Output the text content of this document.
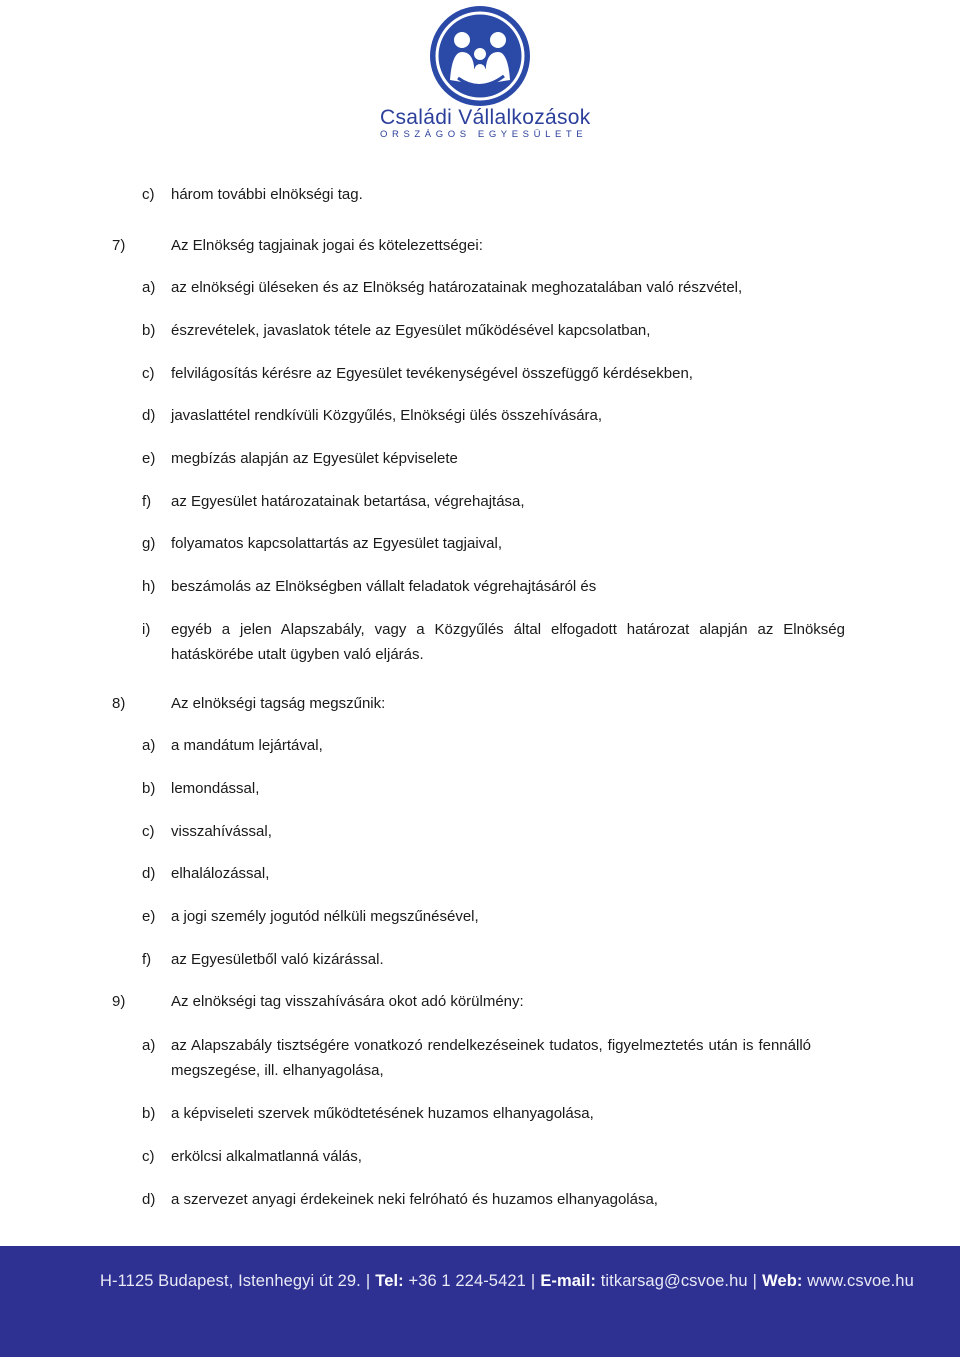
Családi Vállalkozások
ORSZÁGOS EGYESÜLETE
c) három további elnökségi tag.
7)	Az Elnökség tagjainak jogai és kötelezettségei:
a) az elnökségi üléseken és az Elnökség határozatainak meghozatalában való részvétel,
b) észrevételek, javaslatok tétele az Egyesület működésével kapcsolatban,
c) felvilágosítás kérésre az Egyesület tevékenységével összefüggő kérdésekben,
d) javaslattétel rendkívüli Közgyűlés, Elnökségi ülés összehívására,
e) megbízás alapján az Egyesület képviselete
f) az Egyesület határozatainak betartása, végrehajtása,
g) folyamatos kapcsolattartás az Egyesület tagjaival,
h) beszámolás az Elnökségben vállalt feladatok végrehajtásáról és
i) egyéb a jelen Alapszabály, vagy a Közgyűlés által elfogadott határozat alapján az Elnökség hatáskörébe utalt ügyben való eljárás.
8)	Az elnökségi tagság megszűnik:
a) a mandátum lejártával,
b) lemondással,
c) visszahívással,
d) elhalálozással,
e) a jogi személy jogutód nélküli megszűnésével,
f) az Egyesületből való kizárással.
9)	Az elnökségi tag visszahívására okot adó körülmény:
a) az Alapszabály tisztségére vonatkozó rendelkezéseinek tudatos, figyelmeztetés után is fennálló megszegése, ill. elhanyagolása,
b) a képviseleti szervek működtetésének huzamos elhanyagolása,
c) erkölcsi alkalmatlanná válás,
d) a szervezet anyagi érdekeinek neki felróható és huzamos elhanyagolása,
H-1125 Budapest, Istenhegyi út 29. | Tel: +36 1 224-5421 | E-mail: titkarsag@csvoe.hu | Web: www.csvoe.hu
